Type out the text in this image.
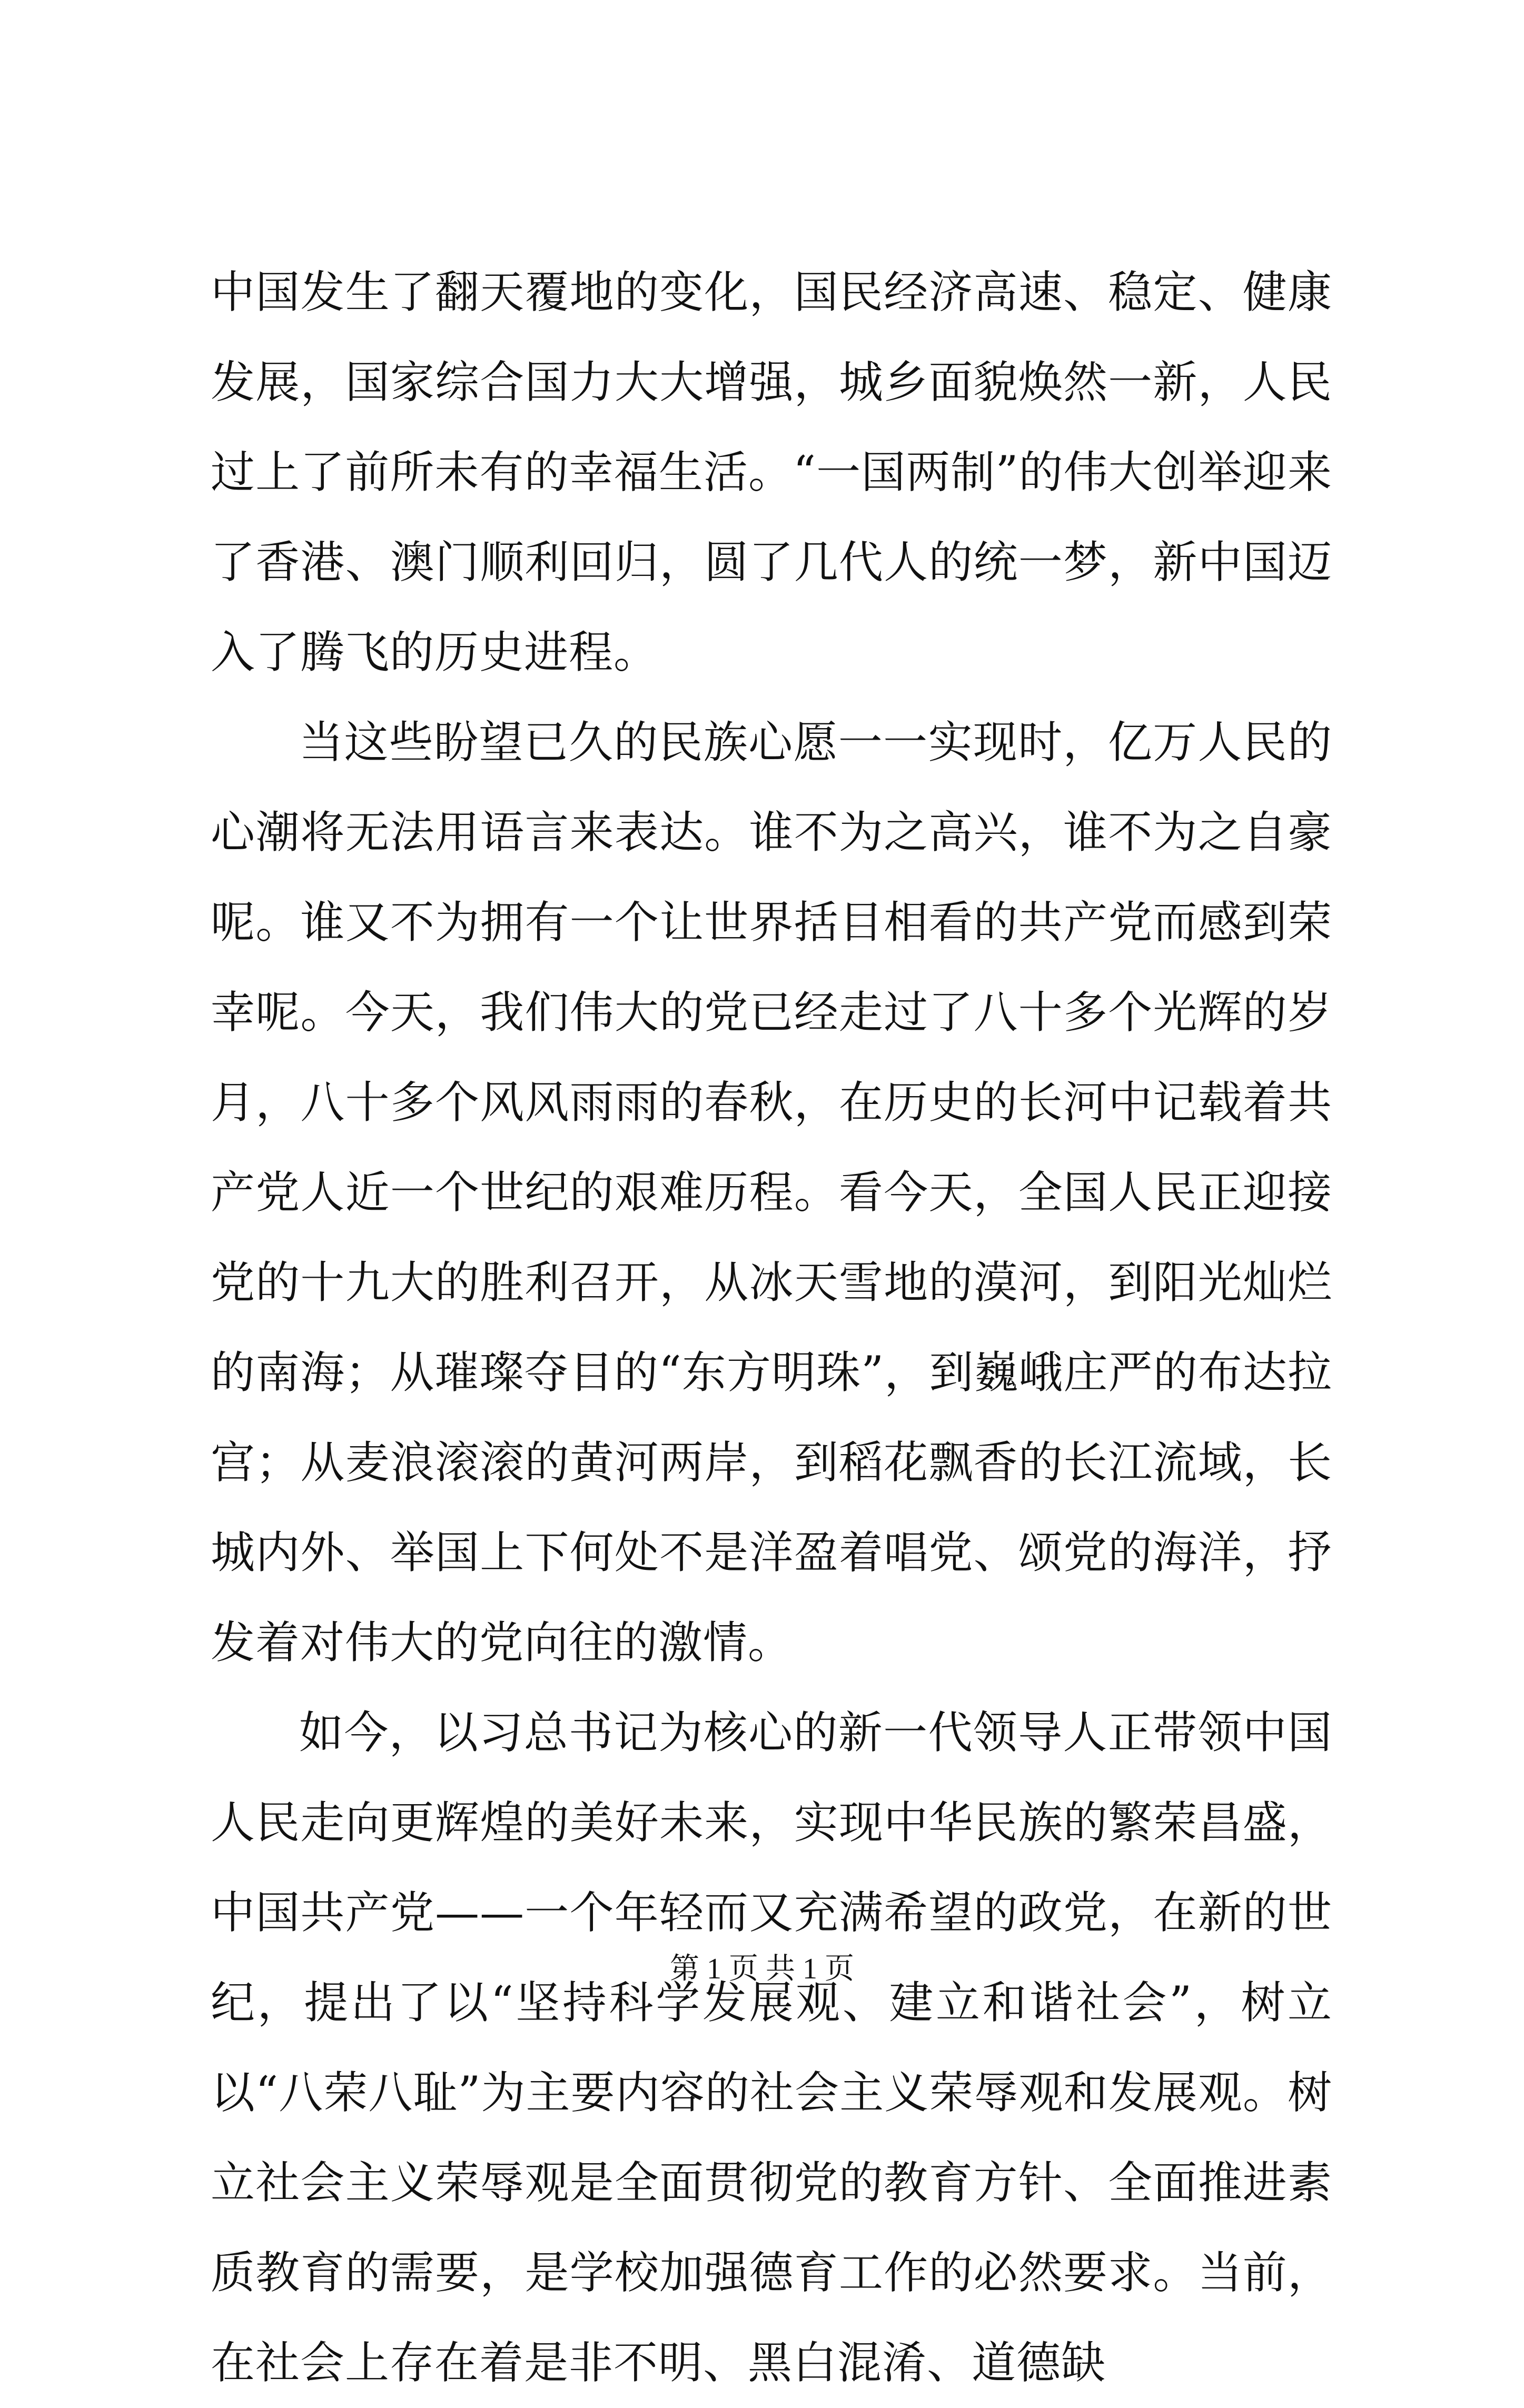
中国发生了翻天覆地的变化，国民经济高速、稳定、健康发展，国家综合国力大大增强，城乡面貌焕然一新，人民过上了前所未有的幸福生活。“一国两制”的伟大创举迎来了香港、澳门顺利回归，圆了几代人的统一梦，新中国迈入了腾飞的历史进程。

当这些盼望已久的民族心愿一一实现时，亿万人民的心潮将无法用语言来表达。谁不为之高兴，谁不为之自豪呢。谁又不为拥有一个让世界括目相看的共产党而感到荣幸呢。今天，我们伟大的党已经走过了八十多个光辉的岁月，八十多个风风雨雨的春秋，在历史的长河中记载着共产党人近一个世纪的艰难历程。看今天，全国人民正迎接党的十九大的胜利召开，从冰天雪地的漠河，到阳光灿烂的南海；从璀璨夺目的“东方明珠”，到巍峨庄严的布达拉宫；从麦浪滚滚的黄河两岸，到稻花飘香的长江流域，长城内外、举国上下何处不是洋盈着唱党、颂党的海洋，抒发着对伟大的党向往的激情。

如今，以习总书记为核心的新一代领导人正带领中国人民走向更辉煌的美好未来，实现中华民族的繁荣昌盛，中国共产党——一个年轻而又充满希望的政党，在新的世纪，提出了以“坚持科学发展观、建立和谐社会”，树立以“八荣八耻”为主要内容的社会主义荣辱观和发展观。树立社会主义荣辱观是全面贯彻党的教育方针、全面推进素质教育的需要，是学校加强德育工作的必然要求。当前，在社会上存在着是非不明、黑白混淆、道德缺

第 1 页 共 1 页
